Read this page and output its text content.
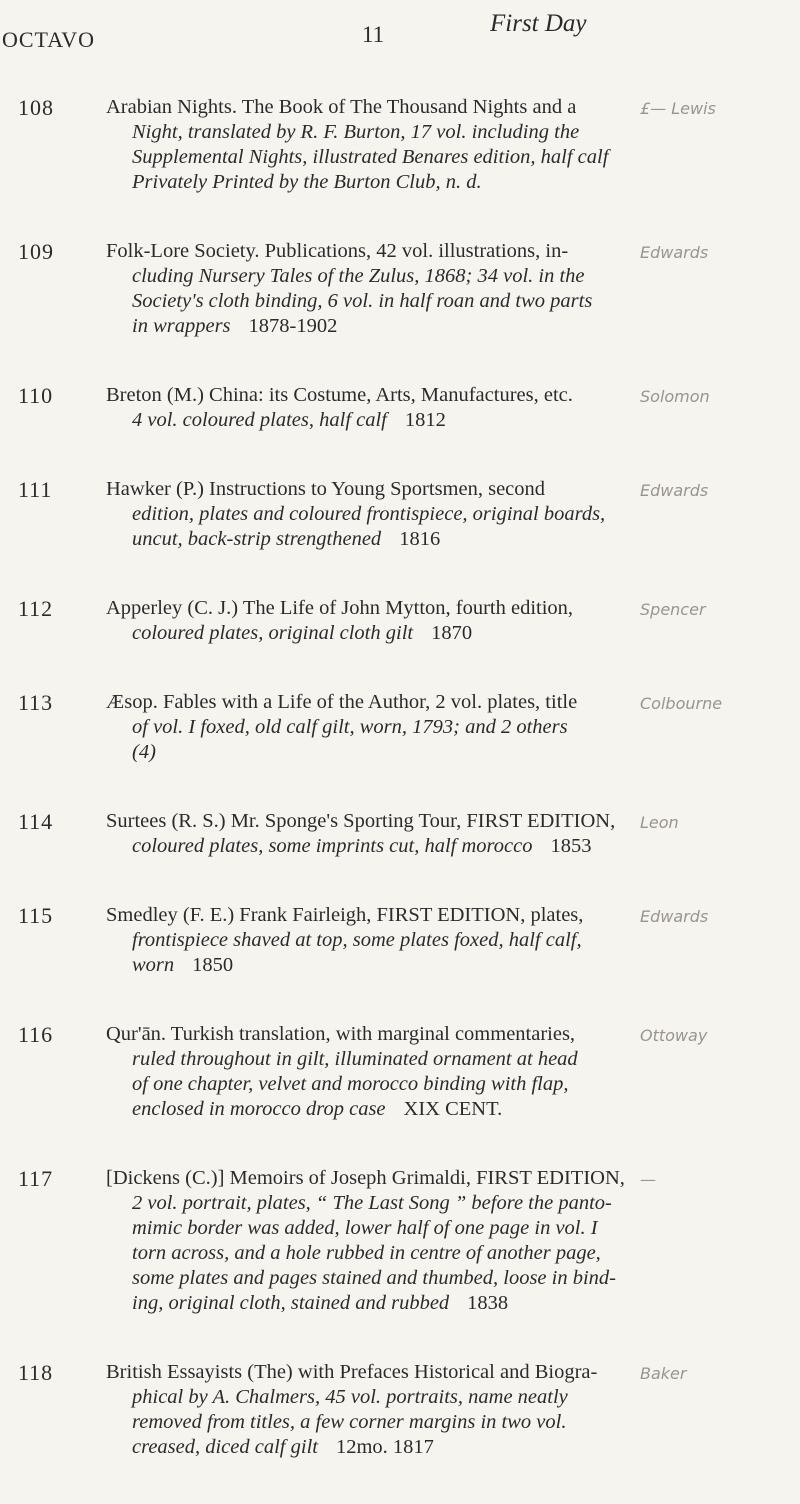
OCTAVO	11	First Day
108	Arabian Nights. The Book of The Thousand Nights and a
Night, translated by R. F. Burton, 17 vol. including the
Supplemental Nights, illustrated Benares edition, half calf
Privately Printed by the Burton Club, n. d.
£— Lewis
109	Folk-Lore Society. Publications, 42 vol. illustrations, in-
cluding Nursery Tales of the Zulus, 1868; 34 vol. in the
Society's cloth binding, 6 vol. in half roan and two parts
in wrappers 1878-1902
Edwards
110	Breton (M.) China: its Costume, Arts, Manufactures, etc.
4 vol. coloured plates, half calf 1812
Solomon
111	Hawker (P.) Instructions to Young Sportsmen, second
edition, plates and coloured frontispiece, original boards,
uncut, back-strip strengthened 1816
Edwards
112	Apperley (C. J.) The Life of John Mytton, fourth edition,
coloured plates, original cloth gilt 1870
Spencer
113	Æsop. Fables with a Life of the Author, 2 vol. plates, title
of vol. I foxed, old calf gilt, worn, 1793; and 2 others
(4)
Colbourne
114	Surtees (R. S.) Mr. Sponge's Sporting Tour, FIRST EDITION,
coloured plates, some imprints cut, half morocco 1853
Leon
115	Smedley (F. E.) Frank Fairleigh, FIRST EDITION, plates,
frontispiece shaved at top, some plates foxed, half calf,
worn 1850
Edwards
116	Qur'ān. Turkish translation, with marginal commentaries,
ruled throughout in gilt, illuminated ornament at head
of one chapter, velvet and morocco binding with flap,
enclosed in morocco drop case XIX CENT.
Ottoway
117	[Dickens (C.)] Memoirs of Joseph Grimaldi, FIRST EDITION,
2 vol. portrait, plates, “ The Last Song ” before the panto-
mimic border was added, lower half of one page in vol. I
torn across, and a hole rubbed in centre of another page,
some plates and pages stained and thumbed, loose in bind-
ing, original cloth, stained and rubbed 1838
—
118	British Essayists (The) with Prefaces Historical and Biogra-
phical by A. Chalmers, 45 vol. portraits, name neatly
removed from titles, a few corner margins in two vol.
creased, diced calf gilt 12mo. 1817
Baker
